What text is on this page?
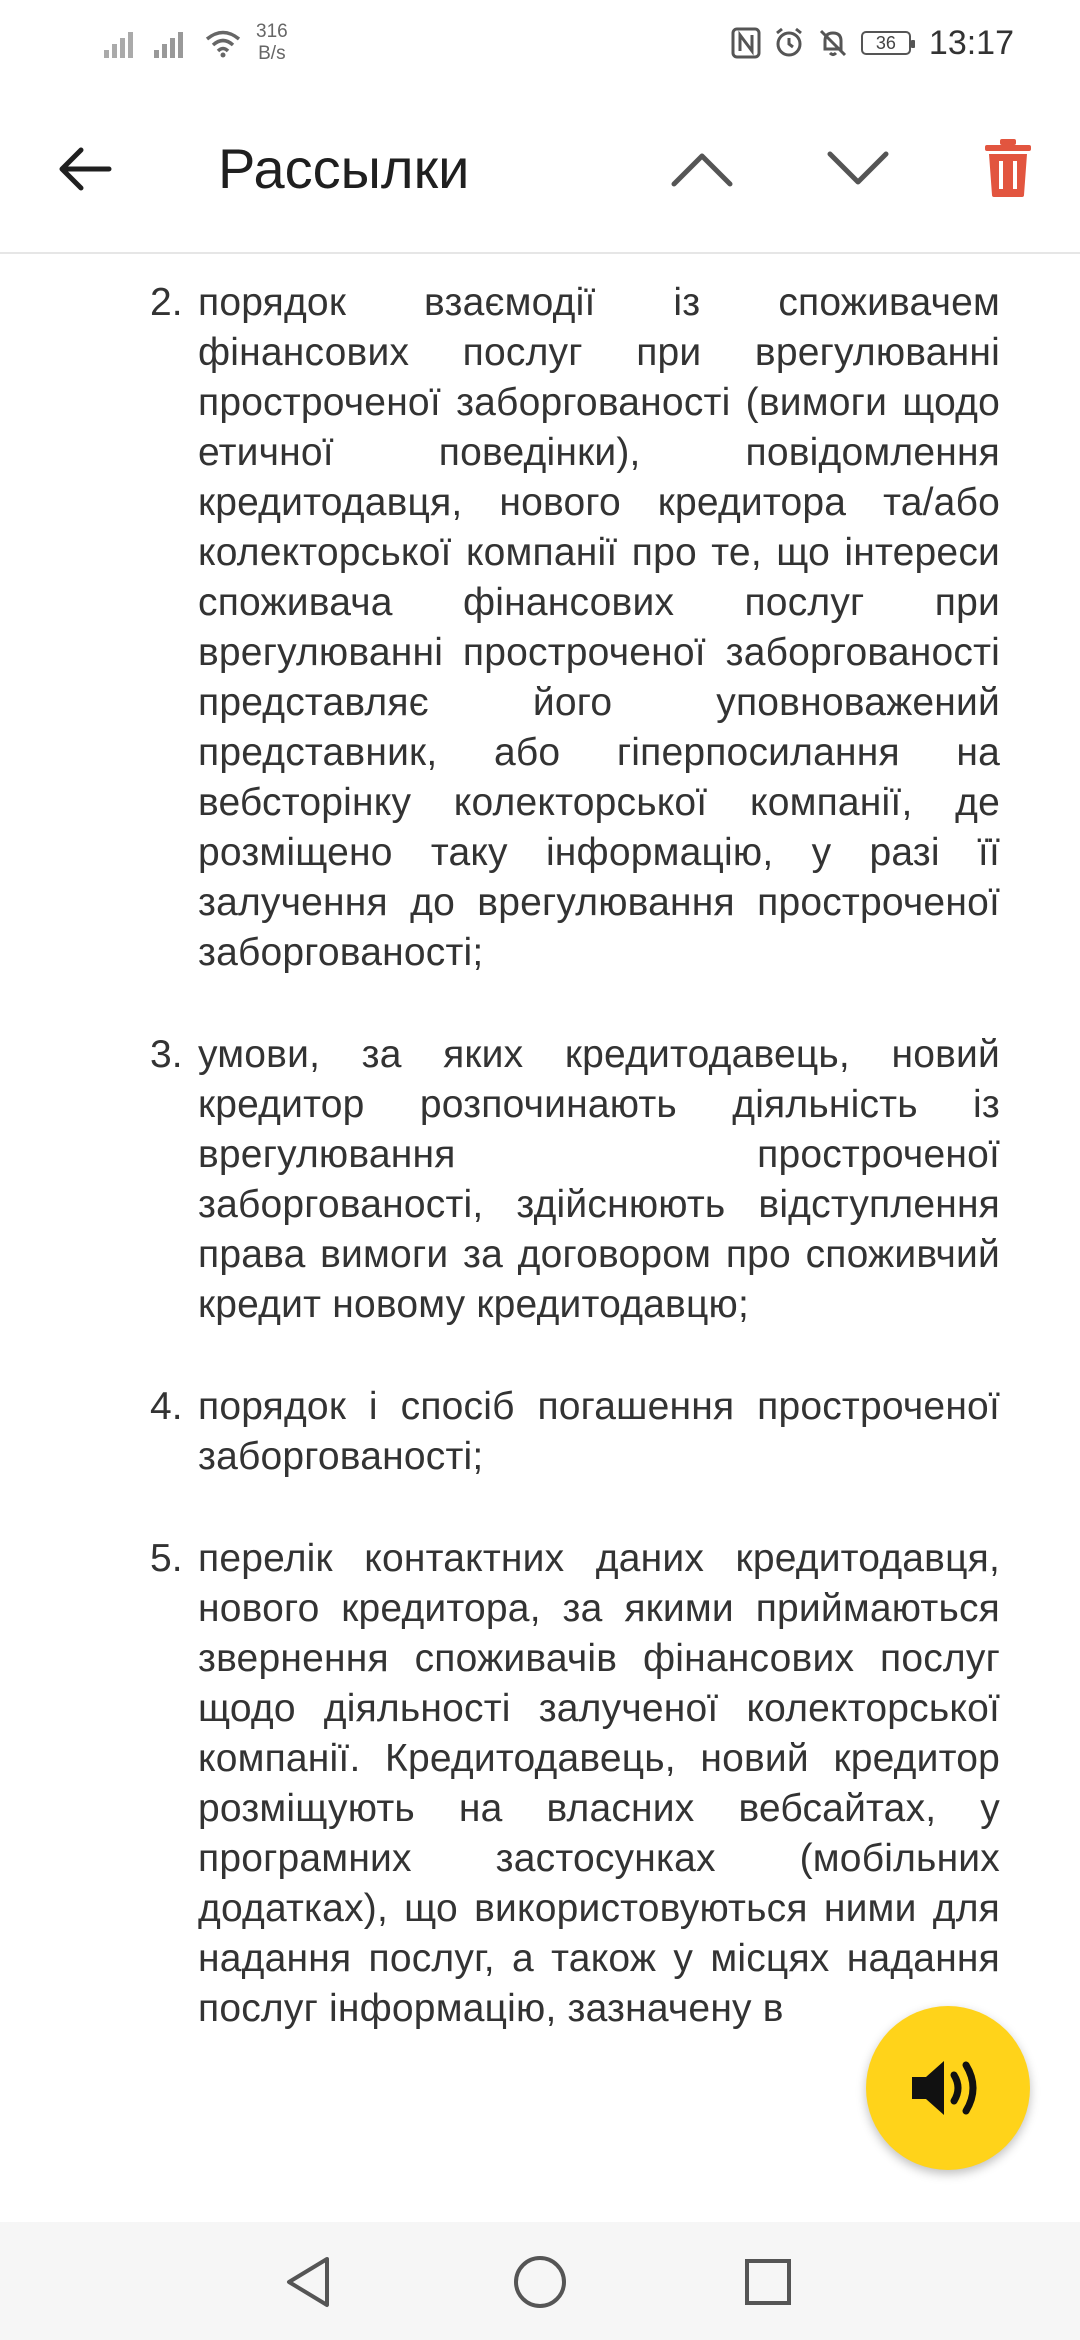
316
B/s
36 13:17
Рассылки
2. порядок взаємодії із споживачем фінансових послуг при врегулюванні простроченої заборгованості (вимоги щодо етичної поведінки), повідомлення кредитодавця, нового кредитора та/або колекторської компанії про те, що інтереси споживача фінансових послуг при врегулюванні простроченої заборгованості представляє його уповноважений представник, або гіперпосилання на вебсторінку колекторської компанії, де розміщено таку інформацію, у разі її залучення до врегулювання простроченої заборгованості;
3. умови, за яких кредитодавець, новий кредитор розпочинають діяльність із врегулювання простроченої заборгованості, здійснюють відступлення права вимоги за договором про споживчий кредит новому кредитодавцю;
4. порядок і спосіб погашення простроченої заборгованості;
5. перелік контактних даних кредитодавця, нового кредитора, за якими приймаються звернення споживачів фінансових послуг щодо діяльності залученої колекторської компанії. Кредитодавець, новий кредитор розміщують на власних вебсайтах, у програмних застосунках (мобільних додатках), що використовуються ними для надання послуг, а також у місцях надання послуг інформацію, зазначену в
